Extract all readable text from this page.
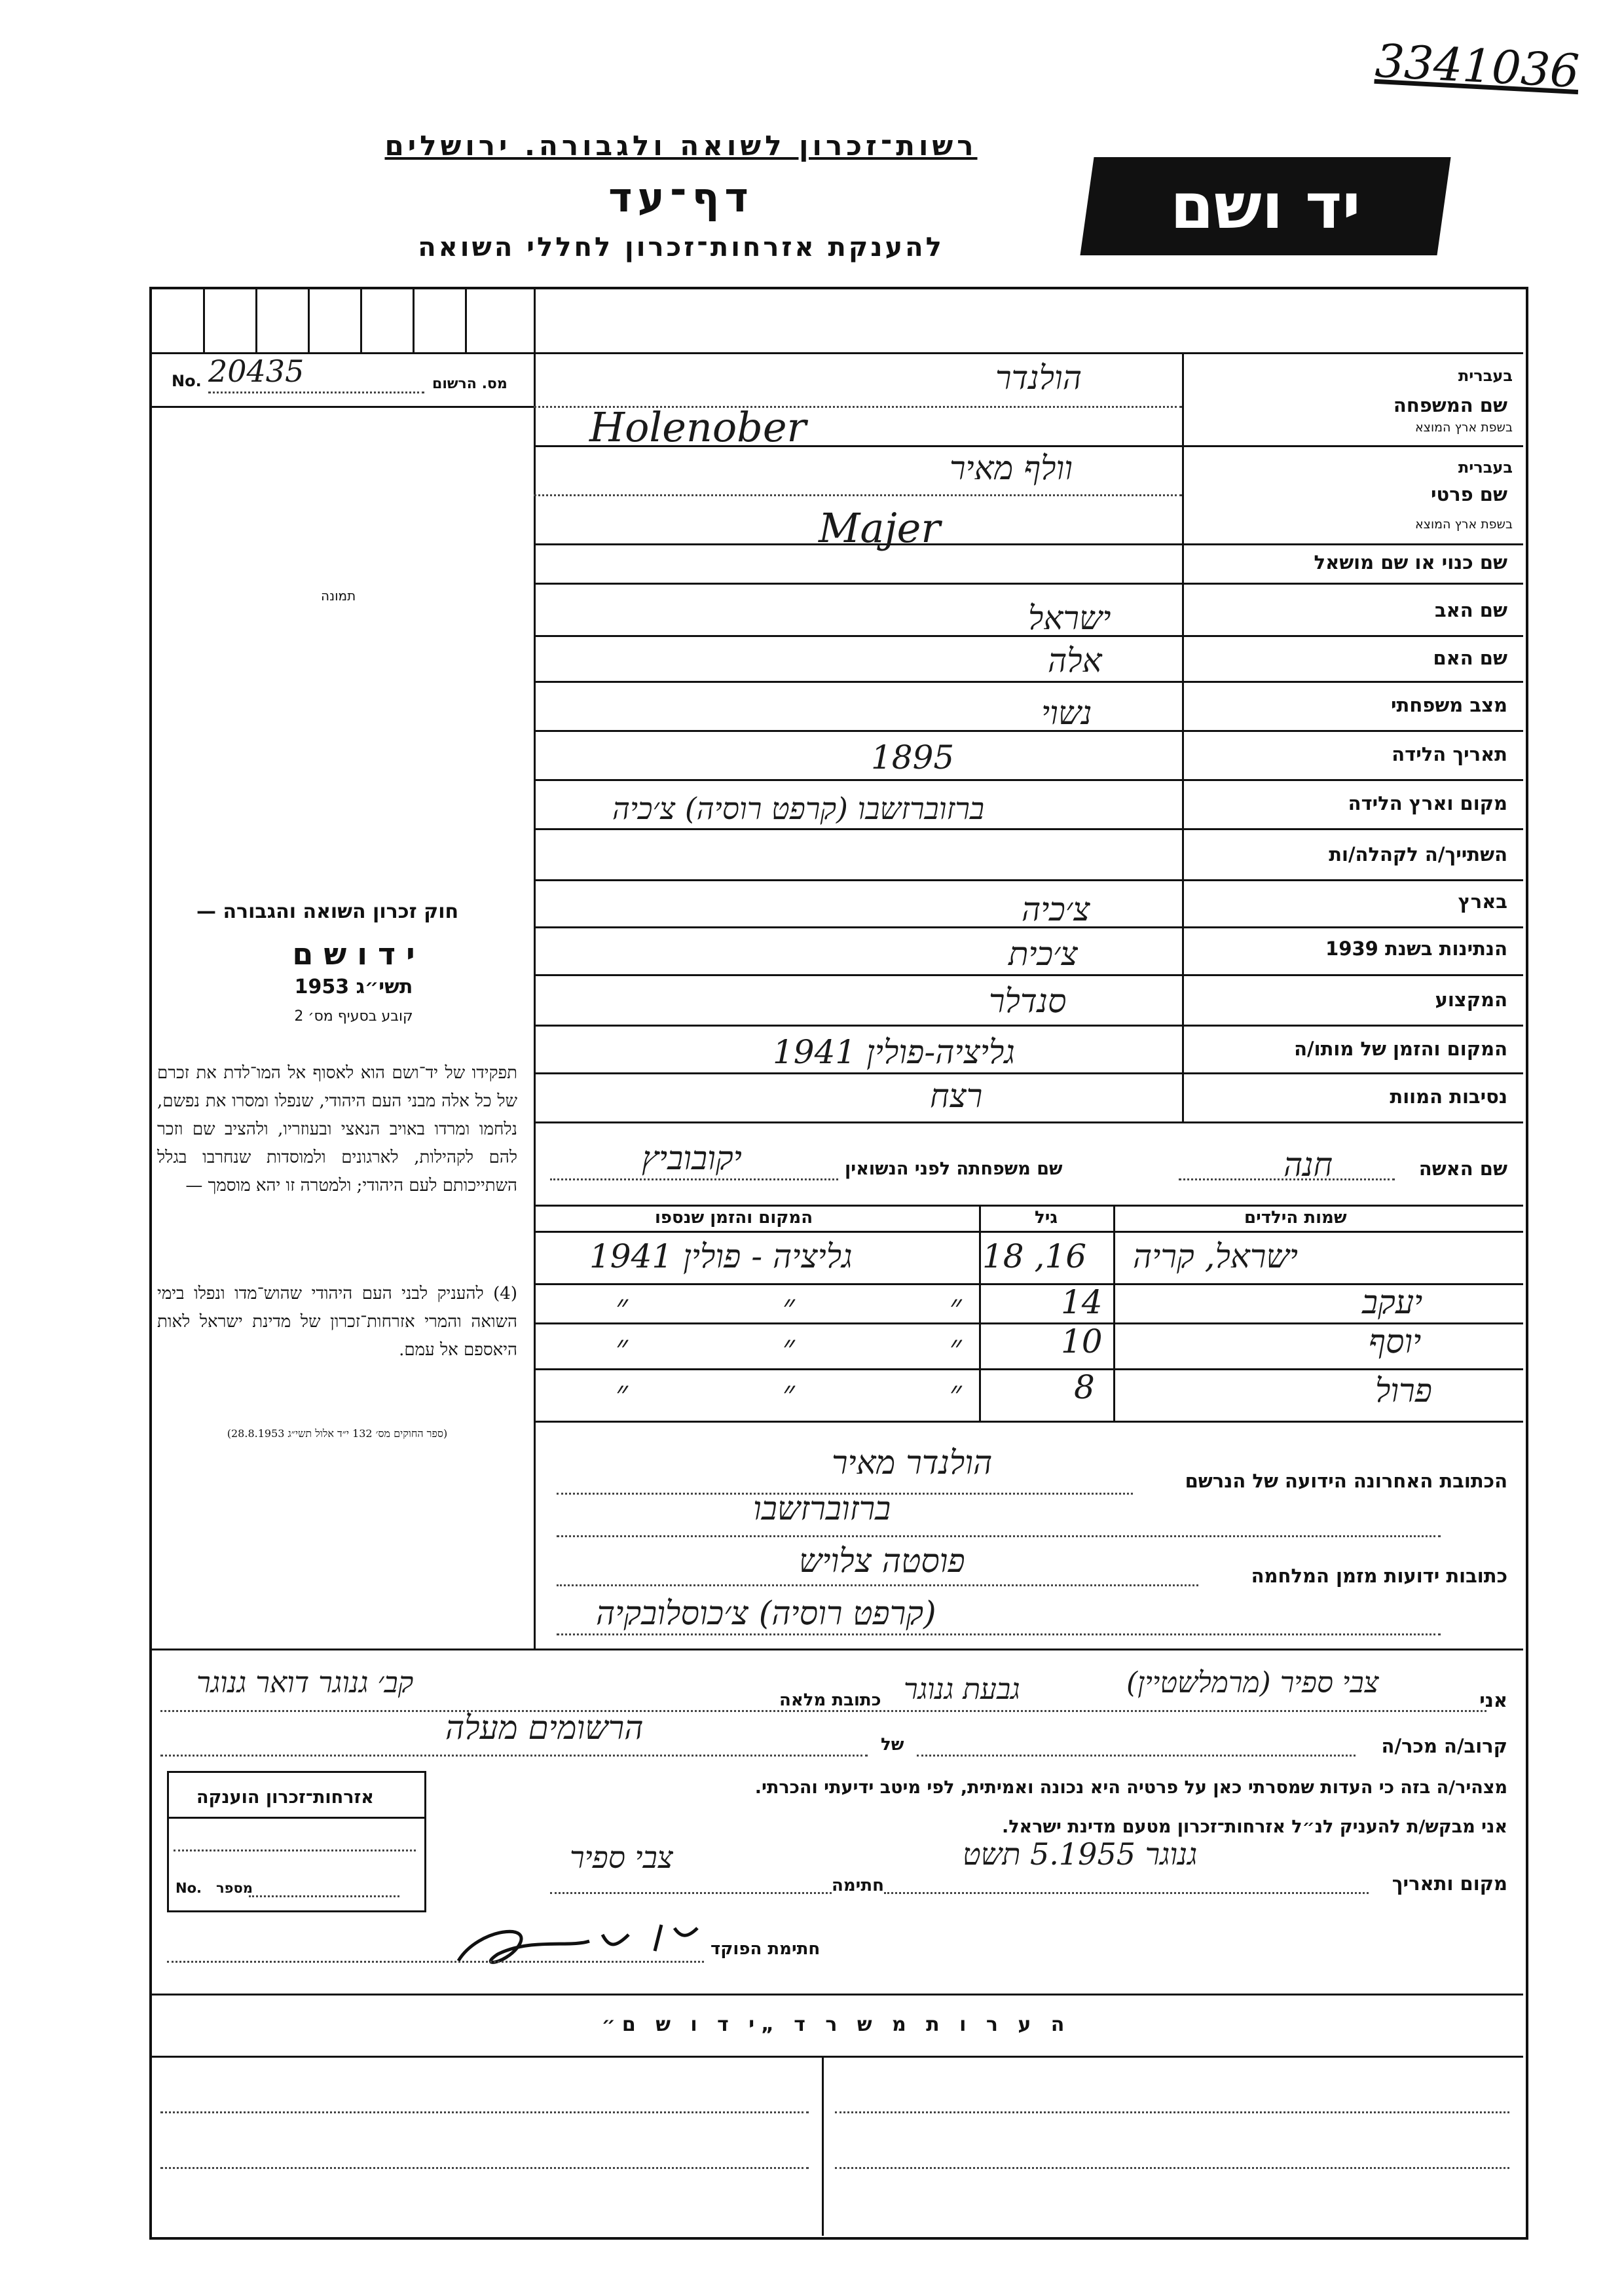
3341036
רשות־זכרון לשואה ולגבורה. ירושלים
דף־עד
להענקת אזרחות־זכרון לחללי השואה
יד ושם
No. 20435	מס. הרשום
תמונה
חוק זכרון השואה והגבורה —
י ד ו ש ם
תשי״ג 1953
קובע בסעיף מס׳ 2
תפקידו של יד־ושם הוא לאסוף אל המו־לדת את זכרם של כל אלה מבני העם היהודי, שנפלו ומסרו את נפשם, נלחמו ומרדו באויב הנאצי ובעוזריו, ולהציב שם וזכר להם לקהילות, לארגונים ולמוסדות שנחרבו בגלל השתייכותם לעם היהודי; ולמטרה זו יהא מוסמך —
(4) להעניק לבני העם היהודי שהוש־מדו ונפלו בימי השואה והמרי אזרחות־זכרון של מדינת ישראל לאות היאספם אל עמם.
(ספר החוקים מס׳ 132 י״ד אלול תשי״ג 28.8.1953)
שם המשפחה
בעברית
בשפת ארץ המוצא
הולנדר
Holenober
שם פרטי
בעברית
בשפת ארץ המוצא
וולף מאיר
Majer
שם כנוי או שם מושאל
שם האב
ישראל
שם האם
אלה
מצב משפחתי
נשוי
תאריך הלידה
1895
מקום וארץ הלידה
ברזוברזשבו (קרפט רוסיה) צ׳כיה
השתייך/ה לקהלה/ות
בארץ
צ׳כיה
הנתינות בשנת 1939
צ׳כית
המקצוע
סנדלר
המקום והזמן של מותו/ה
גליציה-פולין 1941
נסיבות המוות
רצח
שם האשה
חנה
שם משפחתה לפני הנשואין
יקובוביץ
שמות הילדים
גיל
המקום והזמן שנספו
ישראל, קריה
18 ,16
גליציה - פולין 1941
יעקב
14
״ ״ ״
יוסף
10
״ ״ ״
פרול
8
״ ״ ״
הכתובת האחרונה הידועה של הנרשם
הולנדר מאיר
ברזוברזשבו
כתובות ידועות מזמן המלחמה
פוסטה צלויש
(קרפט רוסיה) צ׳כוסלובקיה
אני
צבי ספיר (מרמלשטיין)
גבעת גנוגר
כתובת מלאה
קב׳ גנוגר דואר גנוגר
קרוב/ה מכר/ה
של
הרשומים מעלה
מצהיר/ה בזה כי העדות שמסרתי כאן על פרטיה היא נכונה ואמיתית, לפי מיטב ידיעתי והכרתי.
אני מבקש/ת להעניק לנ״ל אזרחות־זכרון מטעם מדינת ישראל.
מקום ותאריך
גנוגר 5.1955 תשט
חתימה
צבי ספיר
אזרחות־זכרון הוענקה
No. מספר
חתימת הפוקד
ה ע ר ו ת מ ש ר ד „י ד ו ש ם״
